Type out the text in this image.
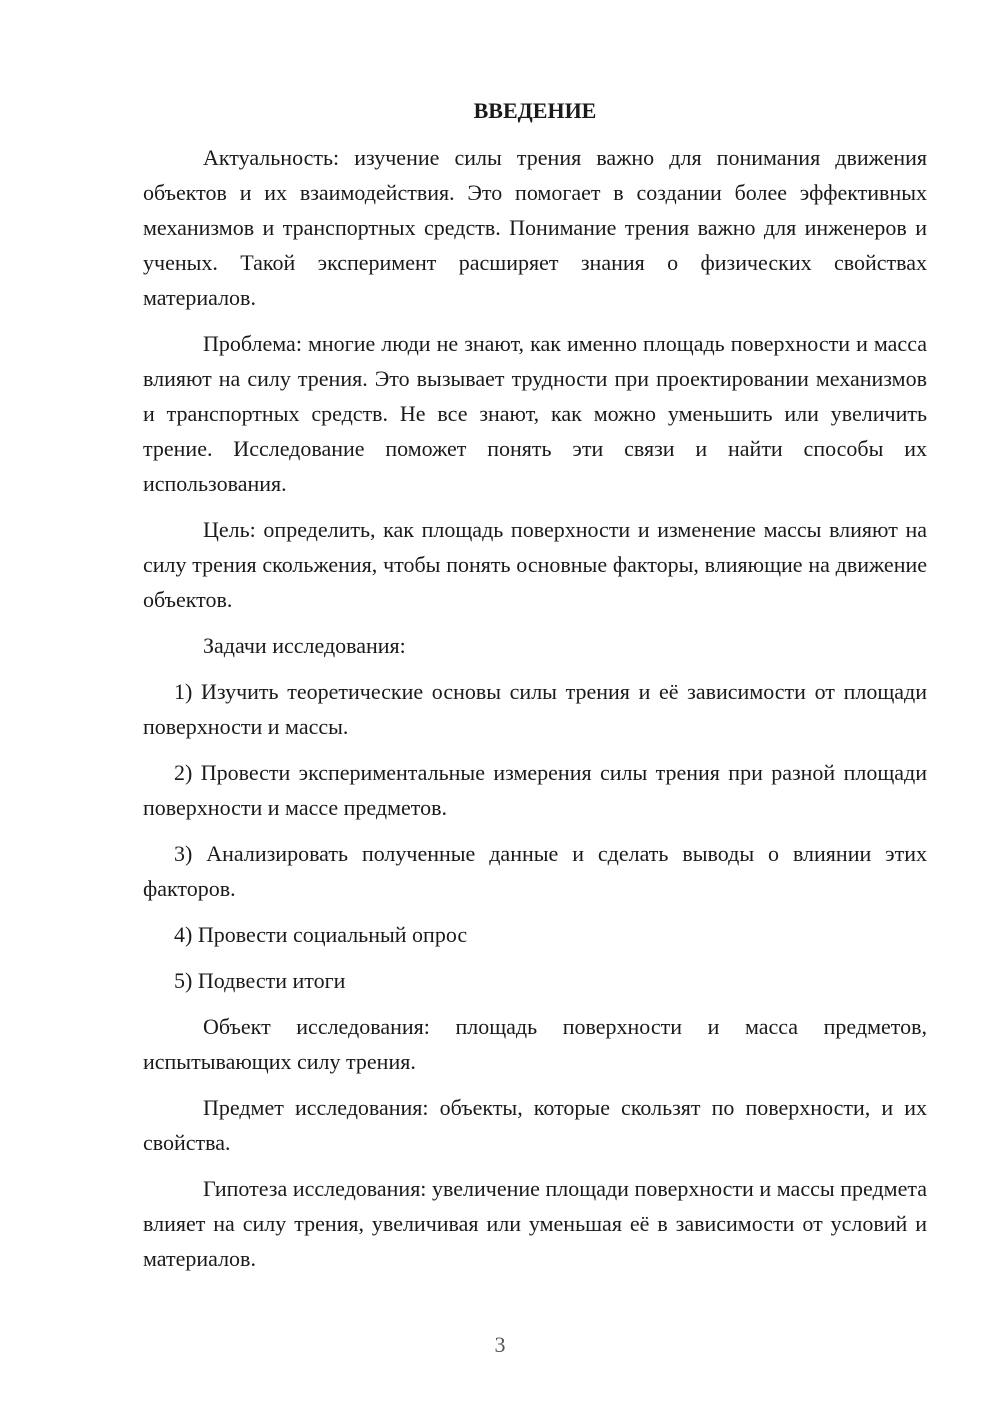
ВВЕДЕНИЕ

Актуальность: изучение силы трения важно для понимания движения объектов и их взаимодействия. Это помогает в создании более эффективных механизмов и транспортных средств. Понимание трения важно для инженеров и ученых. Такой эксперимент расширяет знания о физических свойствах материалов.

Проблема: многие люди не знают, как именно площадь поверхности и масса влияют на силу трения. Это вызывает трудности при проектировании механизмов и транспортных средств. Не все знают, как можно уменьшить или увеличить трение. Исследование поможет понять эти связи и найти способы их использования.

Цель: определить, как площадь поверхности и изменение массы влияют на силу трения скольжения, чтобы понять основные факторы, влияющие на движение объектов.

Задачи исследования:

1) Изучить теоретические основы силы трения и её зависимости от площади поверхности и массы.

2) Провести экспериментальные измерения силы трения при разной площади поверхности и массе предметов.

3) Анализировать полученные данные и сделать выводы о влиянии этих факторов.

4) Провести социальный опрос

5) Подвести итоги

Объект исследования: площадь поверхности и масса предметов, испытывающих силу трения.

Предмет исследования: объекты, которые скользят по поверхности, и их свойства.

Гипотеза исследования: увеличение площади поверхности и массы предмета влияет на силу трения, увеличивая или уменьшая её в зависимости от условий и материалов.

3
